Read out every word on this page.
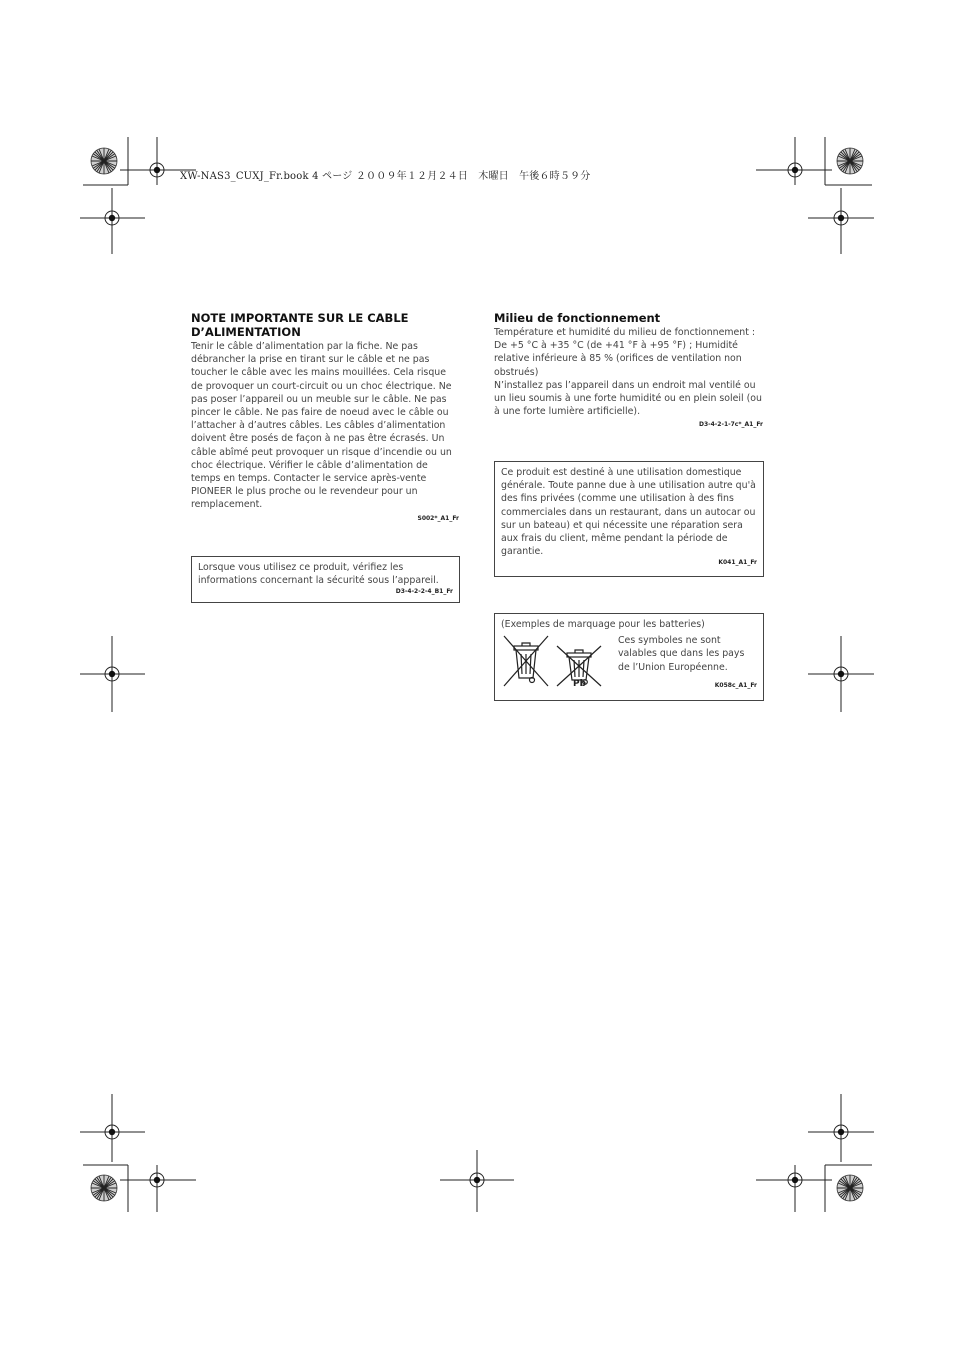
XW-NAS3_CUXJ_Fr.book 4 ページ ２００９年１２月２４日　木曜日　午後６時５９分
NOTE IMPORTANTE SUR LE CABLE D’ALIMENTATION

Tenir le câble d’alimentation par la fiche. Ne pas débrancher la prise en tirant sur le câble et ne pas toucher le câble avec les mains mouillées. Cela risque de provoquer un court-circuit ou un choc électrique. Ne pas poser l’appareil ou un meuble sur le câble. Ne pas pincer le câble. Ne pas faire de noeud avec le câble ou l’attacher à d’autres câbles. Les câbles d’alimentation doivent être posés de façon à ne pas être écrasés. Un câble abîmé peut provoquer un risque d’incendie ou un choc électrique. Vérifier le câble d’alimentation de temps en temps. Contacter le service après-vente PIONEER le plus proche ou le revendeur pour un remplacement.

S002*_A1_Fr
Lorsque vous utilisez ce produit, vérifiez les informations concernant la sécurité sous l’appareil.
D3-4-2-2-4_B1_Fr
Milieu de fonctionnement

Température et humidité du milieu de fonctionnement : De +5 °C à +35 °C (de +41 °F à +95 °F) ; Humidité relative inférieure à 85 % (orifices de ventilation non obstrués)
N’installez pas l’appareil dans un endroit mal ventilé ou un lieu soumis à une forte humidité ou en plein soleil (ou à une forte lumière artificielle).

D3-4-2-1-7c*_A1_Fr
Ce produit est destiné à une utilisation domestique générale. Toute panne due à une utilisation autre qu'à des fins privées (comme une utilisation à des fins commerciales dans un restaurant, dans un autocar ou sur un bateau) et qui nécessite une réparation sera aux frais du client, même pendant la période de garantie.
K041_A1_Fr
(Exemples de marquage pour les batteries)

Pb
Ces symboles ne sont valables que dans les pays de l’Union Européenne.
K058c_A1_Fr
